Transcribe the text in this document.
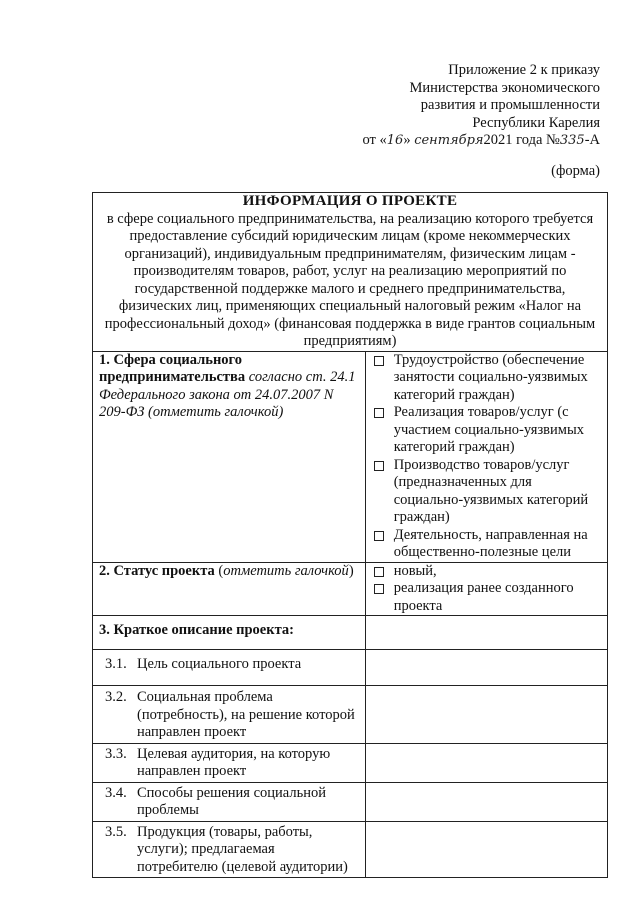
Приложение 2 к приказу
Министерства экономического
развития и промышленности
Республики Карелия
от «16» сентября2021 года №335-А
(форма)
ИНФОРМАЦИЯ О ПРОЕКТЕ
в сфере социального предпринимательства, на реализацию которого требуется предоставление субсидий юридическим лицам (кроме некоммерческих организаций), индивидуальным предпринимателям, физическим лицам - производителям товаров, работ, услуг на реализацию мероприятий по государственной поддержке малого и среднего предпринимательства, физических лиц, применяющих специальный налоговый режим «Налог на профессиональный доход» (финансовая поддержка в виде грантов социальным предприятиям)	

1. Сфера социального предпринимательства согласно ст. 24.1 Федерального закона от 24.07.2007 N 209-ФЗ (отметить галочкой)	Трудоустройство (обеспечение занятости социально-уязвимых категорий граждан)
Реализация товаров/услуг (с участием социально-уязвимых категорий граждан)
Производство товаров/услуг (предназначенных для социально-уязвимых категорий граждан)
Деятельность, направленная на общественно-полезные цели

2. Статус проекта (отметить галочкой)	новый,
реализация ранее созданного проекта

3. Краткое описание проекта:	

3.1. Цель социального проекта	

3.2. Социальная проблема (потребность), на решение которой направлен проект	

3.3. Целевая аудитория, на которую направлен проект	

3.4. Способы решения социальной проблемы	

3.5. Продукция (товары, работы, услуги); предлагаемая потребителю (целевой аудитории)	
